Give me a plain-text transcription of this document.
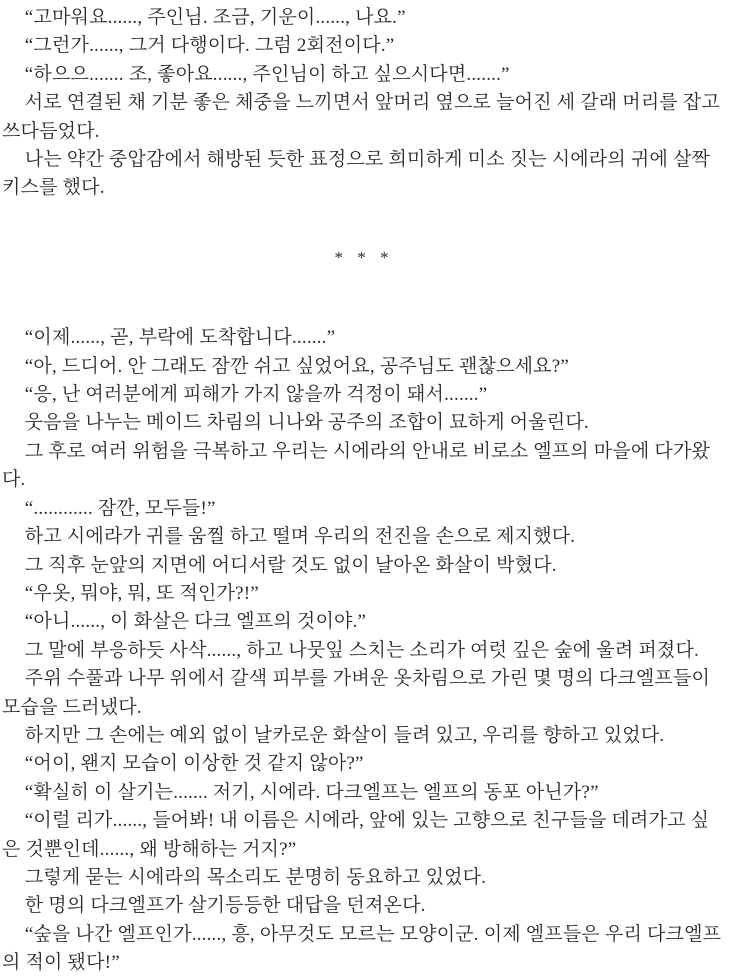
“고마워요......, 주인님. 조금, 기운이......, 나요.”

“그런가......, 그거 다행이다. 그럼 2회전이다.”

“하으으....... 조, 좋아요......, 주인님이 하고 싶으시다면.......”

서로 연결된 채 기분 좋은 체중을 느끼면서 앞머리 옆으로 늘어진 세 갈래 머리를 잡고 쓰다듬었다.

나는 약간 중압감에서 해방된 듯한 표정으로 희미하게 미소 짓는 시에라의 귀에 살짝 키스를 했다.

* * *

“이제......, 곧, 부락에 도착합니다.......”

“아, 드디어. 안 그래도 잠깐 쉬고 싶었어요, 공주님도 괜찮으세요?”

“응, 난 여러분에게 피해가 가지 않을까 걱정이 돼서.......”

웃음을 나누는 메이드 차림의 니나와 공주의 조합이 묘하게 어울린다.

그 후로 여러 위험을 극복하고 우리는 시에라의 안내로 비로소 엘프의 마을에 다가왔다.

“............ 잠깐, 모두들!”

하고 시에라가 귀를 움찔 하고 떨며 우리의 전진을 손으로 제지했다.

그 직후 눈앞의 지면에 어디서랄 것도 없이 날아온 화살이 박혔다.

“우옷, 뭐야, 뭐, 또 적인가?!”

“아니......, 이 화살은 다크 엘프의 것이야.”

그 말에 부응하듯 사삭......, 하고 나뭇잎 스치는 소리가 여럿 깊은 숲에 울려 퍼졌다.

주위 수풀과 나무 위에서 갈색 피부를 가벼운 옷차림으로 가린 몇 명의 다크엘프들이 모습을 드러냈다.

하지만 그 손에는 예외 없이 날카로운 화살이 들려 있고, 우리를 향하고 있었다.

“어이, 왠지 모습이 이상한 것 같지 않아?”

“확실히 이 살기는....... 저기, 시에라. 다크엘프는 엘프의 동포 아닌가?”

“이럴 리가......, 들어봐! 내 이름은 시에라, 앞에 있는 고향으로 친구들을 데려가고 싶은 것뿐인데......, 왜 방해하는 거지?”

그렇게 묻는 시에라의 목소리도 분명히 동요하고 있었다.

한 명의 다크엘프가 살기등등한 대답을 던져온다.

“숲을 나간 엘프인가......, 흥, 아무것도 모르는 모양이군. 이제 엘프들은 우리 다크엘프의 적이 됐다!”
